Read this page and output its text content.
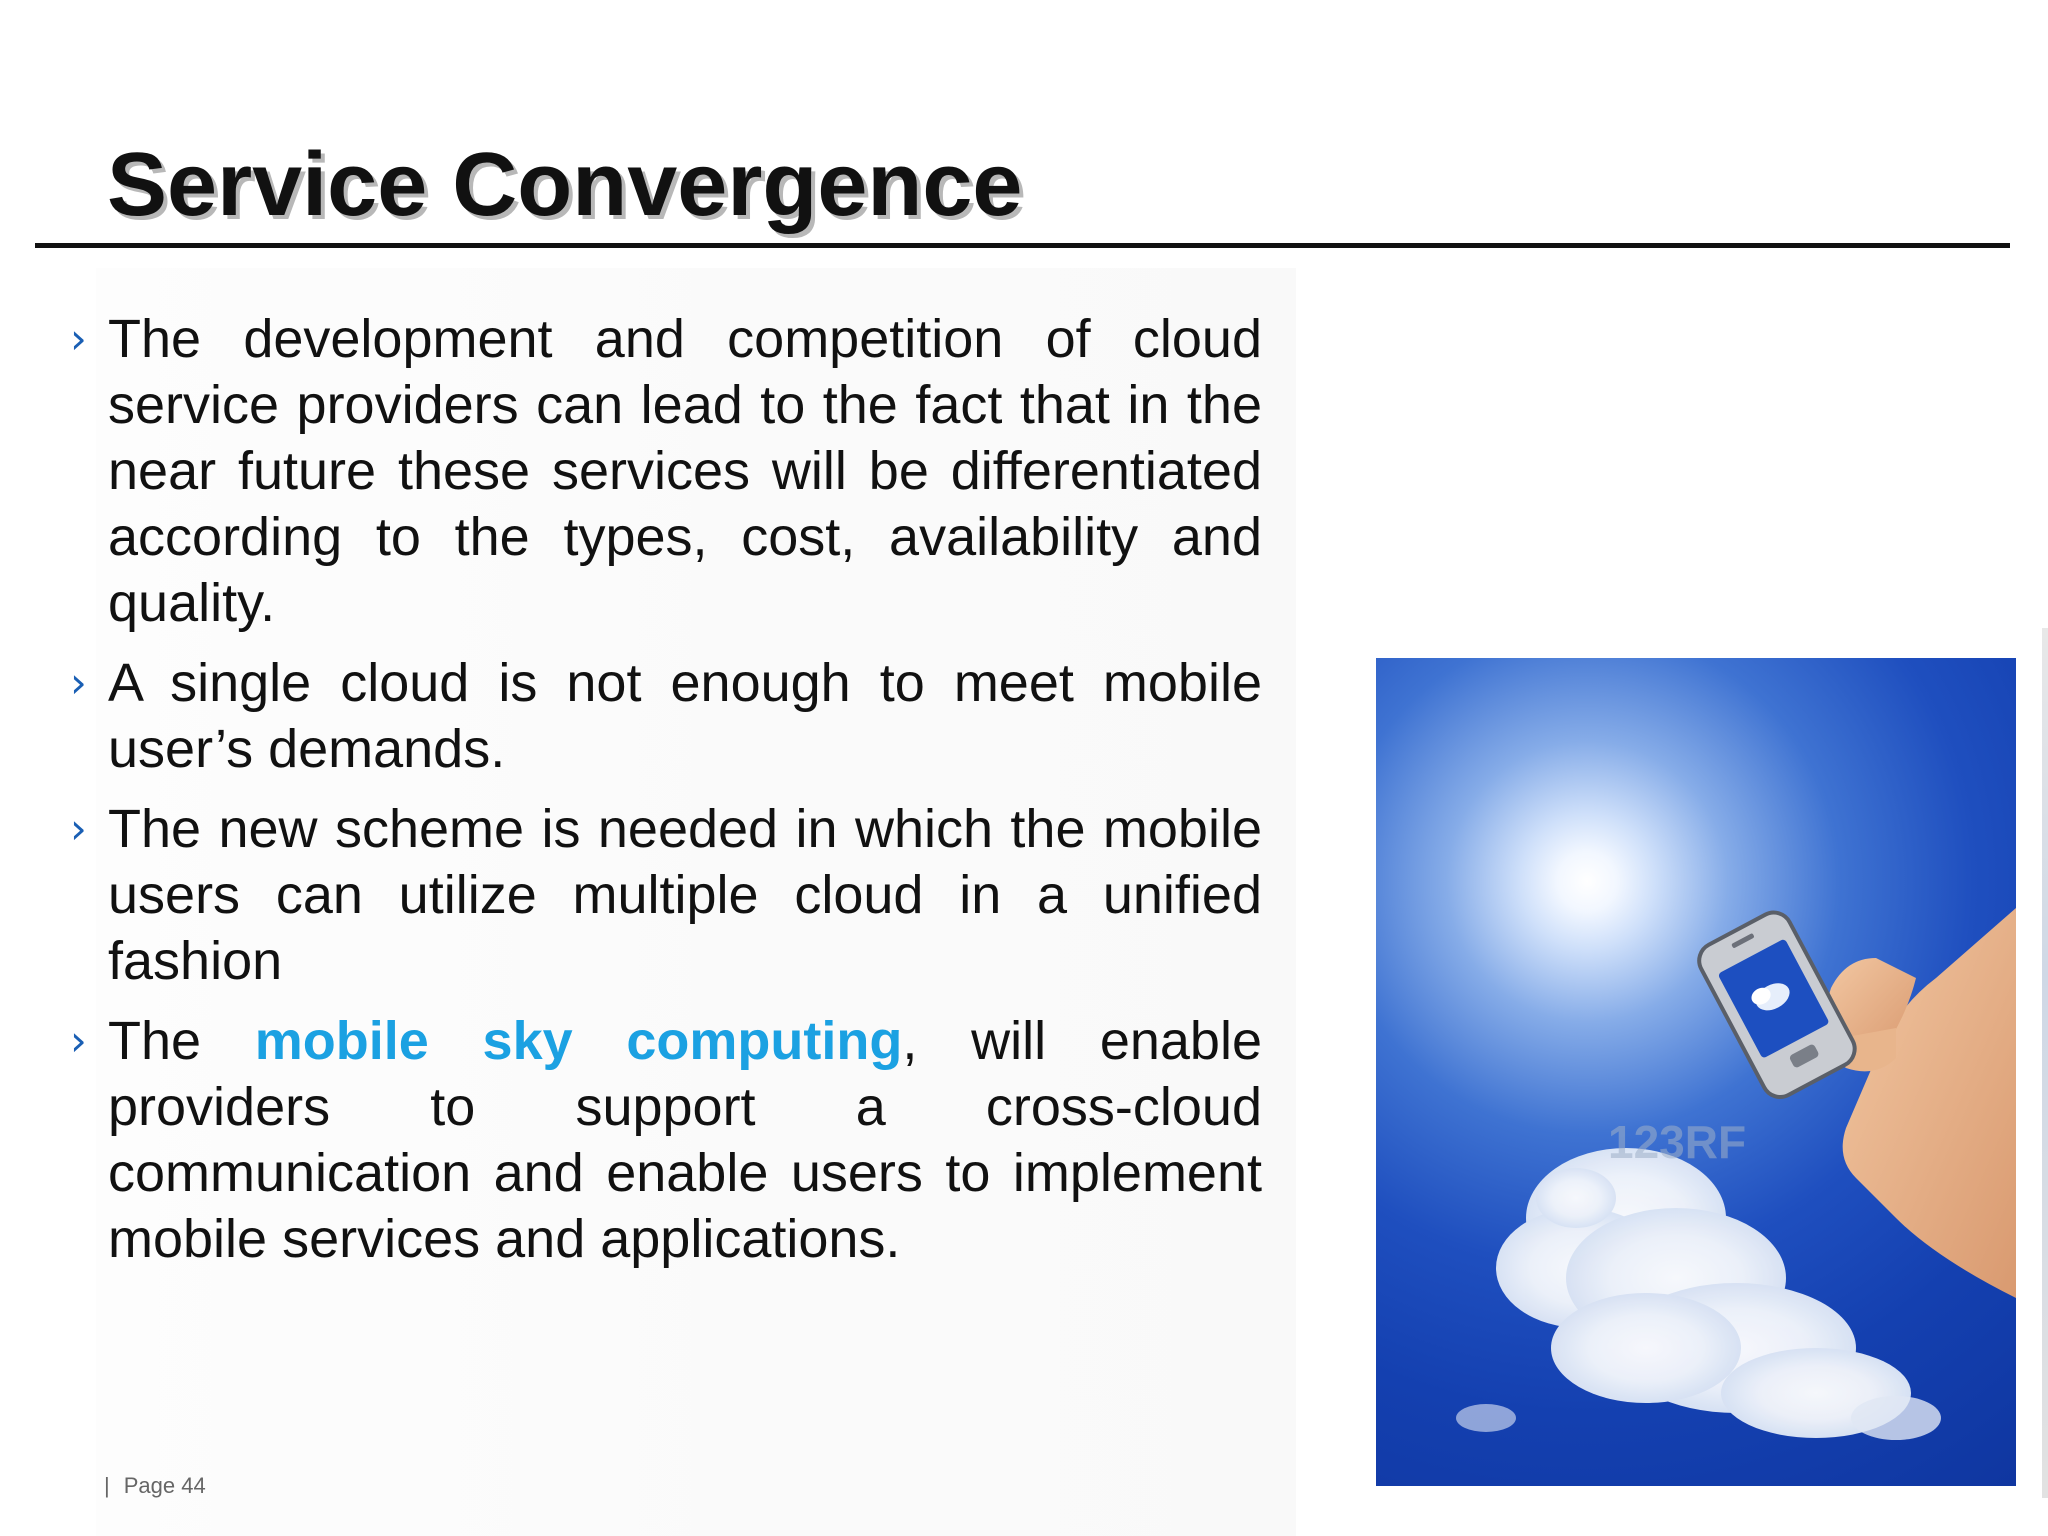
Service Convergence
› The development and competition of cloud service providers can lead to the fact that in the near future these services will be differentiated according to the types, cost, availability and quality.
› A single cloud is not enough to meet mobile user’s demands.
› The new scheme is needed in which the mobile users can utilize multiple cloud in a unified fashion
› The mobile sky computing, will enable providers to support a cross-cloud communication and enable users to implement mobile services and applications.
123RF
| Page 44
